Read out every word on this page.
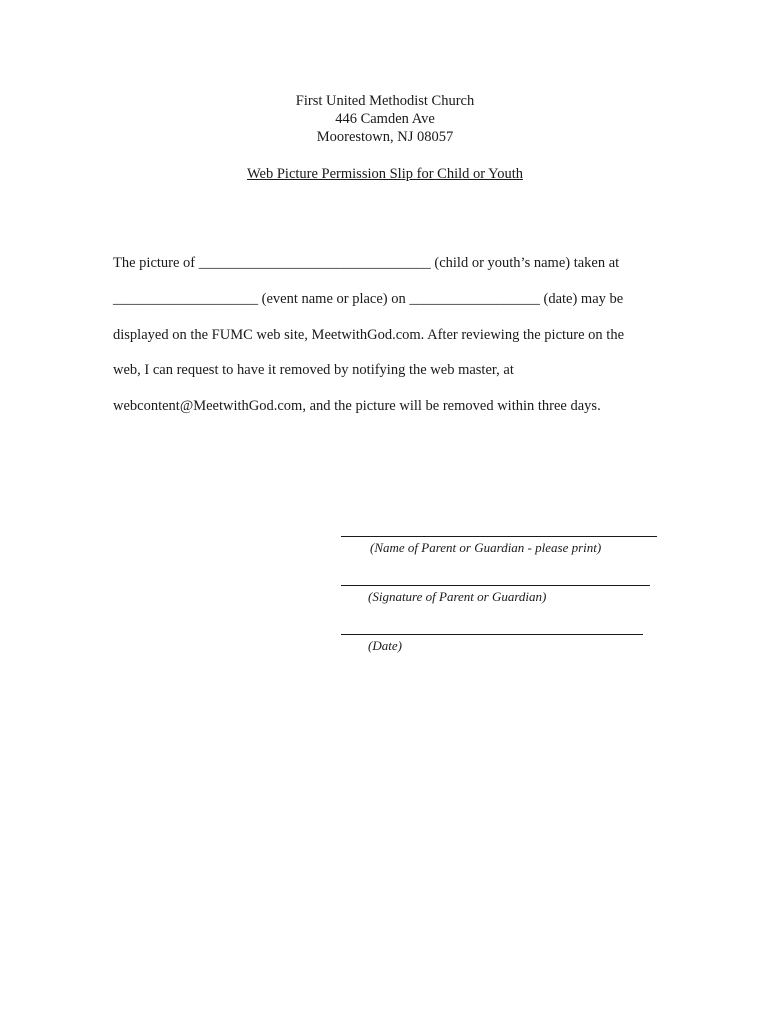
First United Methodist Church
446 Camden Ave
Moorestown, NJ 08057
Web Picture Permission Slip for Child or Youth
The picture of ________________________________ (child or youth’s name) taken at
____________________ (event name or place) on __________________ (date) may be
displayed on the FUMC web site, MeetwithGod.com. After reviewing the picture on the
web, I can request to have it removed by notifying the web master, at
webcontent@MeetwithGod.com, and the picture will be removed within three days.
(Name of Parent or Guardian - please print)
(Signature of Parent or Guardian)
(Date)
